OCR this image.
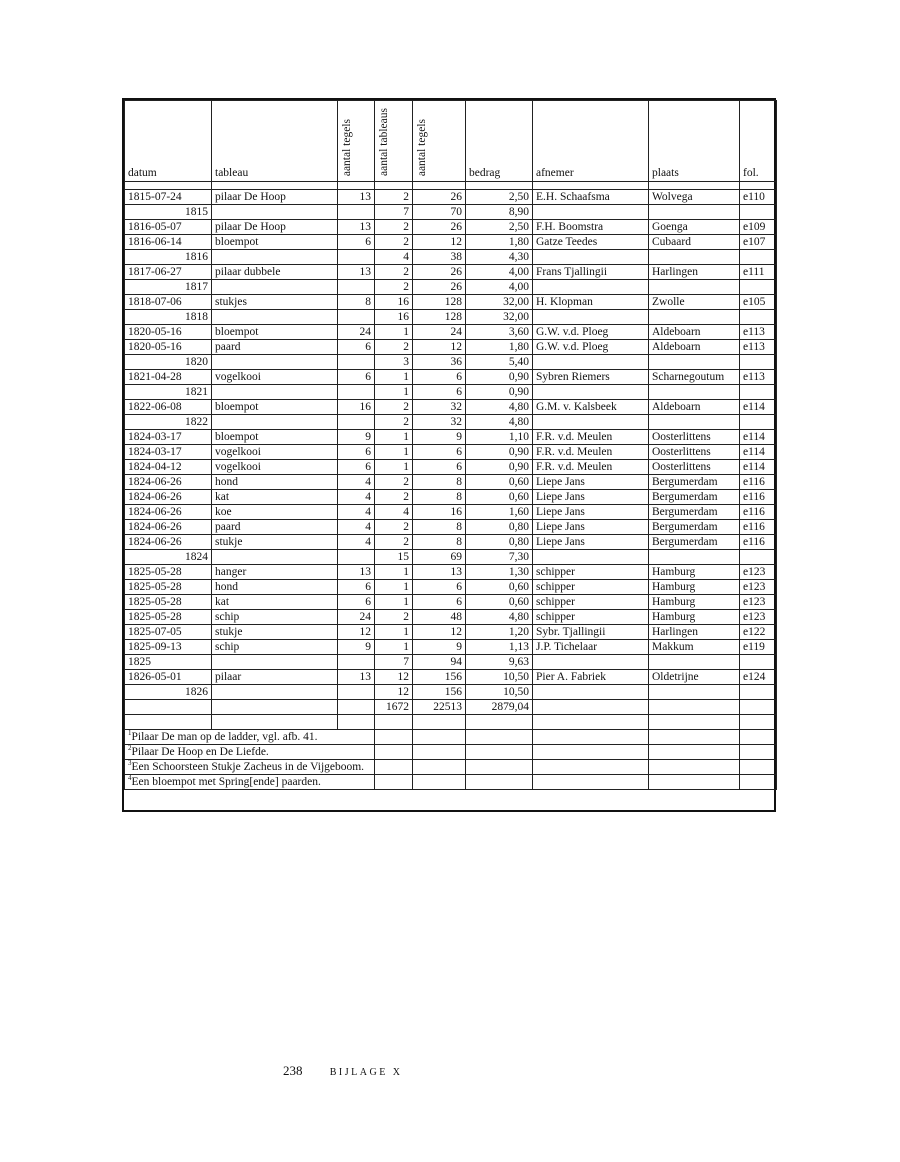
datum	tableau	aantal tegels	aantal tableaus	aantal tegels	bedrag	afnemer	plaats	fol.

1815-07-24	pilaar De Hoop	13	2	26	2,50	E.H. Schaafsma	Wolvega	e110
1815			7	70	8,90			
1816-05-07	pilaar De Hoop	13	2	26	2,50	F.H. Boomstra	Goenga	e109
1816-06-14	bloempot	6	2	12	1,80	Gatze Teedes	Cubaard	e107
1816			4	38	4,30			
1817-06-27	pilaar dubbele	13	2	26	4,00	Frans Tjallingii	Harlingen	e111
1817			2	26	4,00			
1818-07-06	stukjes	8	16	128	32,00	H. Klopman	Zwolle	e105
1818			16	128	32,00			
1820-05-16	bloempot	24	1	24	3,60	G.W. v.d. Ploeg	Aldeboarn	e113
1820-05-16	paard	6	2	12	1,80	G.W. v.d. Ploeg	Aldeboarn	e113
1820			3	36	5,40			
1821-04-28	vogelkooi	6	1	6	0,90	Sybren Riemers	Scharnegoutum	e113
1821			1	6	0,90			
1822-06-08	bloempot	16	2	32	4,80	G.M. v. Kalsbeek	Aldeboarn	e114
1822			2	32	4,80			
1824-03-17	bloempot	9	1	9	1,10	F.R. v.d. Meulen	Oosterlittens	e114
1824-03-17	vogelkooi	6	1	6	0,90	F.R. v.d. Meulen	Oosterlittens	e114
1824-04-12	vogelkooi	6	1	6	0,90	F.R. v.d. Meulen	Oosterlittens	e114
1824-06-26	hond	4	2	8	0,60	Liepe Jans	Bergumerdam	e116
1824-06-26	kat	4	2	8	0,60	Liepe Jans	Bergumerdam	e116
1824-06-26	koe	4	4	16	1,60	Liepe Jans	Bergumerdam	e116
1824-06-26	paard	4	2	8	0,80	Liepe Jans	Bergumerdam	e116
1824-06-26	stukje	4	2	8	0,80	Liepe Jans	Bergumerdam	e116
1824			15	69	7,30			
1825-05-28	hanger	13	1	13	1,30	schipper	Hamburg	e123
1825-05-28	hond	6	1	6	0,60	schipper	Hamburg	e123
1825-05-28	kat	6	1	6	0,60	schipper	Hamburg	e123
1825-05-28	schip	24	2	48	4,80	schipper	Hamburg	e123
1825-07-05	stukje	12	1	12	1,20	Sybr. Tjallingii	Harlingen	e122
1825-09-13	schip	9	1	9	1,13	J.P. Tichelaar	Makkum	e119
1825			7	94	9,63			
1826-05-01	pilaar	13	12	156	10,50	Pier A. Fabriek	Oldetrijne	e124
1826			12	156	10,50			
			1672	22513	2879,04			

$^1$Pilaar De man op de ladder, vgl. afb. 41.								
$^2$Pilaar De Hoop en De Liefde.								
$^3$Een Schoorsteen Stukje Zacheus in de Vijgeboom.								
$^4$Een bloempot met Spring[ende] paarden.								
238	BIJLAGE X
